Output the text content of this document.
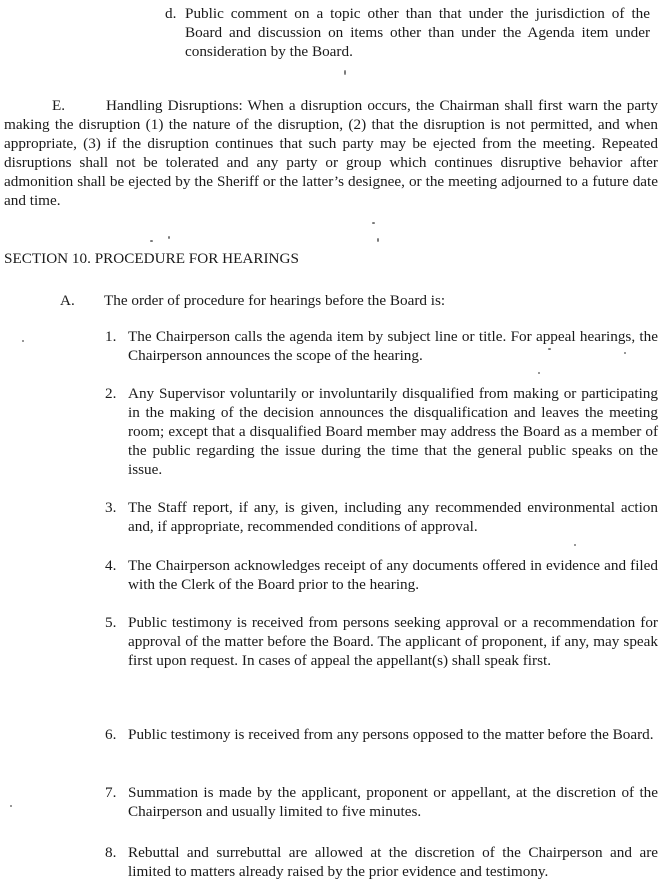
d. Public comment on a topic other than that under the jurisdiction of the Board and discussion on items other than under the Agenda item under consideration by the Board.

E.	Handling Disruptions: When a disruption occurs, the Chairman shall first warn the party making the disruption (1) the nature of the disruption, (2) that the disruption is not permitted, and when appropriate, (3) if the disruption continues that such party may be ejected from the meeting. Repeated disruptions shall not be tolerated and any party or group which continues disruptive behavior after admonition shall be ejected by the Sheriff or the latter’s designee, or the meeting adjourned to a future date and time.

SECTION 10. PROCEDURE FOR HEARINGS

A. The order of procedure for hearings before the Board is:

1. The Chairperson calls the agenda item by subject line or title. For appeal hearings, the Chairperson announces the scope of the hearing.

2. Any Supervisor voluntarily or involuntarily disqualified from making or participating in the making of the decision announces the disqualification and leaves the meeting room; except that a disqualified Board member may address the Board as a member of the public regarding the issue during the time that the general public speaks on the issue.

3. The Staff report, if any, is given, including any recommended environmental action and, if appropriate, recommended conditions of approval.

4. The Chairperson acknowledges receipt of any documents offered in evidence and filed with the Clerk of the Board prior to the hearing.

5. Public testimony is received from persons seeking approval or a recommendation for approval of the matter before the Board. The applicant of proponent, if any, may speak first upon request. In cases of appeal the appellant(s) shall speak first.

6. Public testimony is received from any persons opposed to the matter before the Board.

7. Summation is made by the applicant, proponent or appellant, at the discretion of the Chairperson and usually limited to five minutes.

8. Rebuttal and surrebuttal are allowed at the discretion of the Chairperson and are limited to matters already raised by the prior evidence and testimony.
